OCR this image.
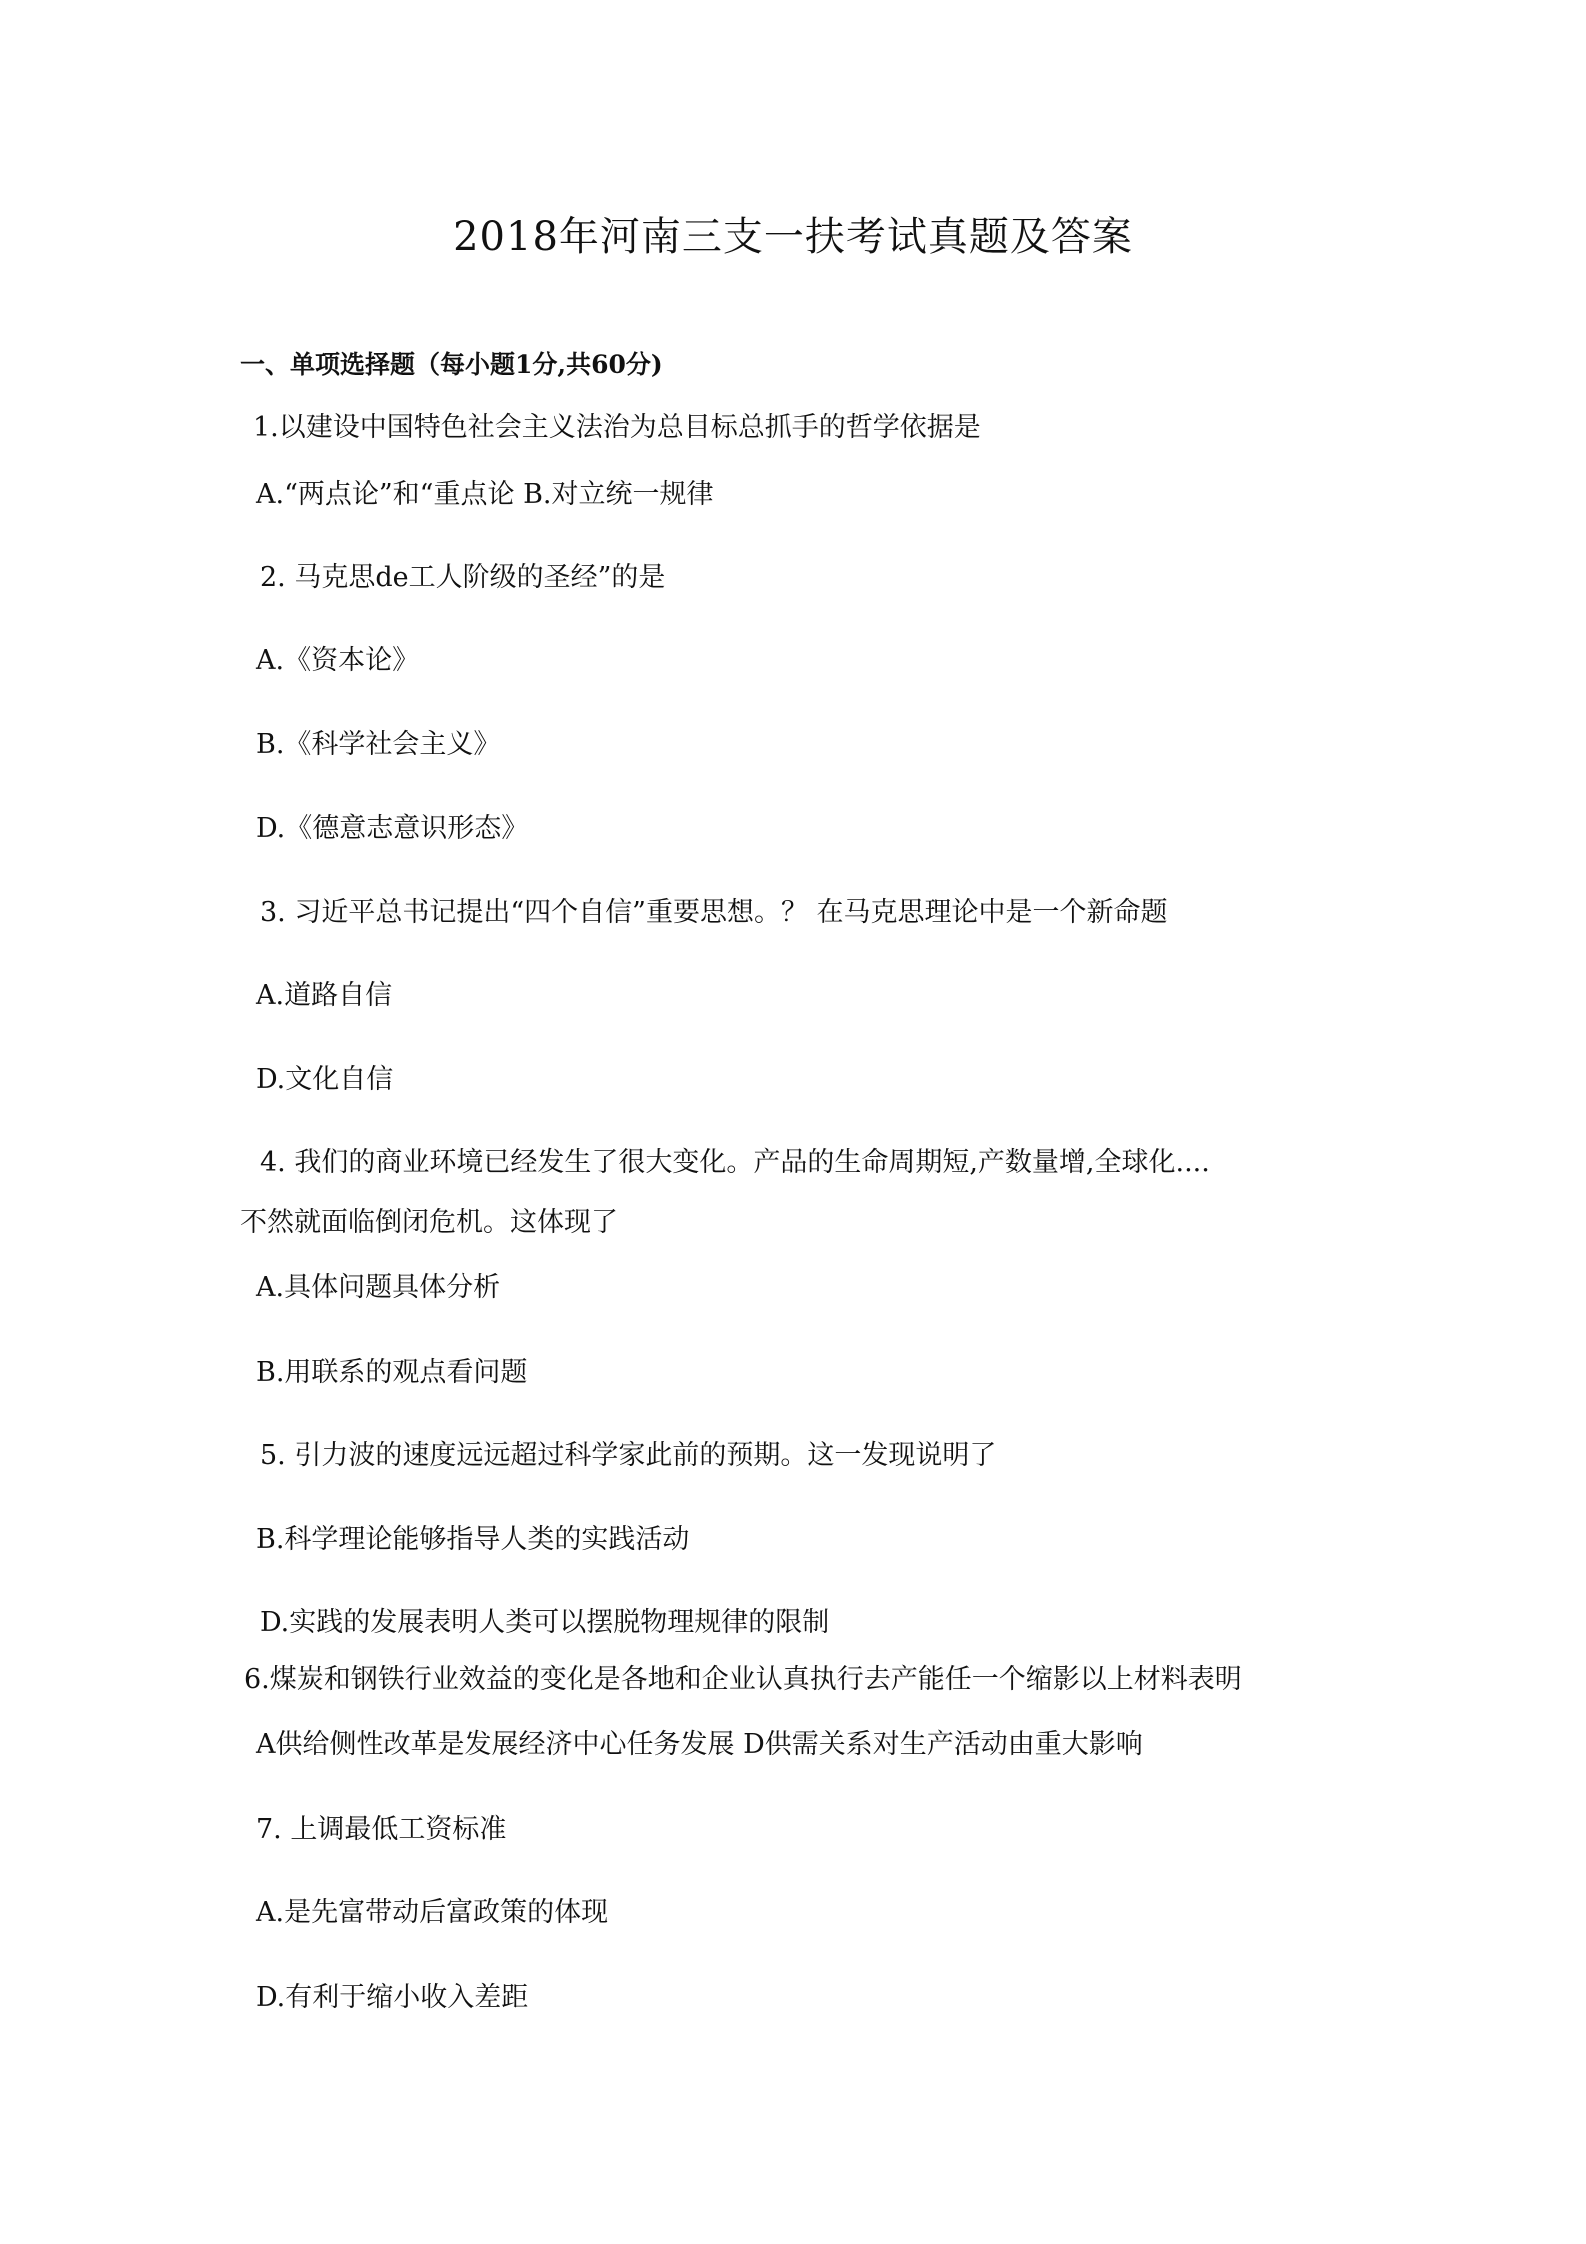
2018年河南三支一扶考试真题及答案
一、单项选择题（每小题1分,共60分)
1.以建设中国特色社会主义法治为总目标总抓手的哲学依据是
A.“两点论”和“重点论 B.对立统一规律
2. 马克思de工人阶级的圣经”的是
A.《资本论》
B.《科学社会主义》
D.《德意志意识形态》
3. 习近平总书记提出“四个自信”重要思想。？ 在马克思理论中是一个新命题
A.道路自信
D.文化自信
4. 我们的商业环境已经发生了很大变化。产品的生命周期短,产数量增,全球化....
不然就面临倒闭危机。这体现了
A.具体问题具体分析
B.用联系的观点看问题
5. 引力波的速度远远超过科学家此前的预期。这一发现说明了
B.科学理论能够指导人类的实践活动
D.实践的发展表明人类可以摆脱物理规律的限制
6.煤炭和钢铁行业效益的变化是各地和企业认真执行去产能任一个缩影以上材料表明
A供给侧性改革是发展经济中心任务发展 D供需关系对生产活动由重大影响
7. 上调最低工资标准
A.是先富带动后富政策的体现
D.有利于缩小收入差距
